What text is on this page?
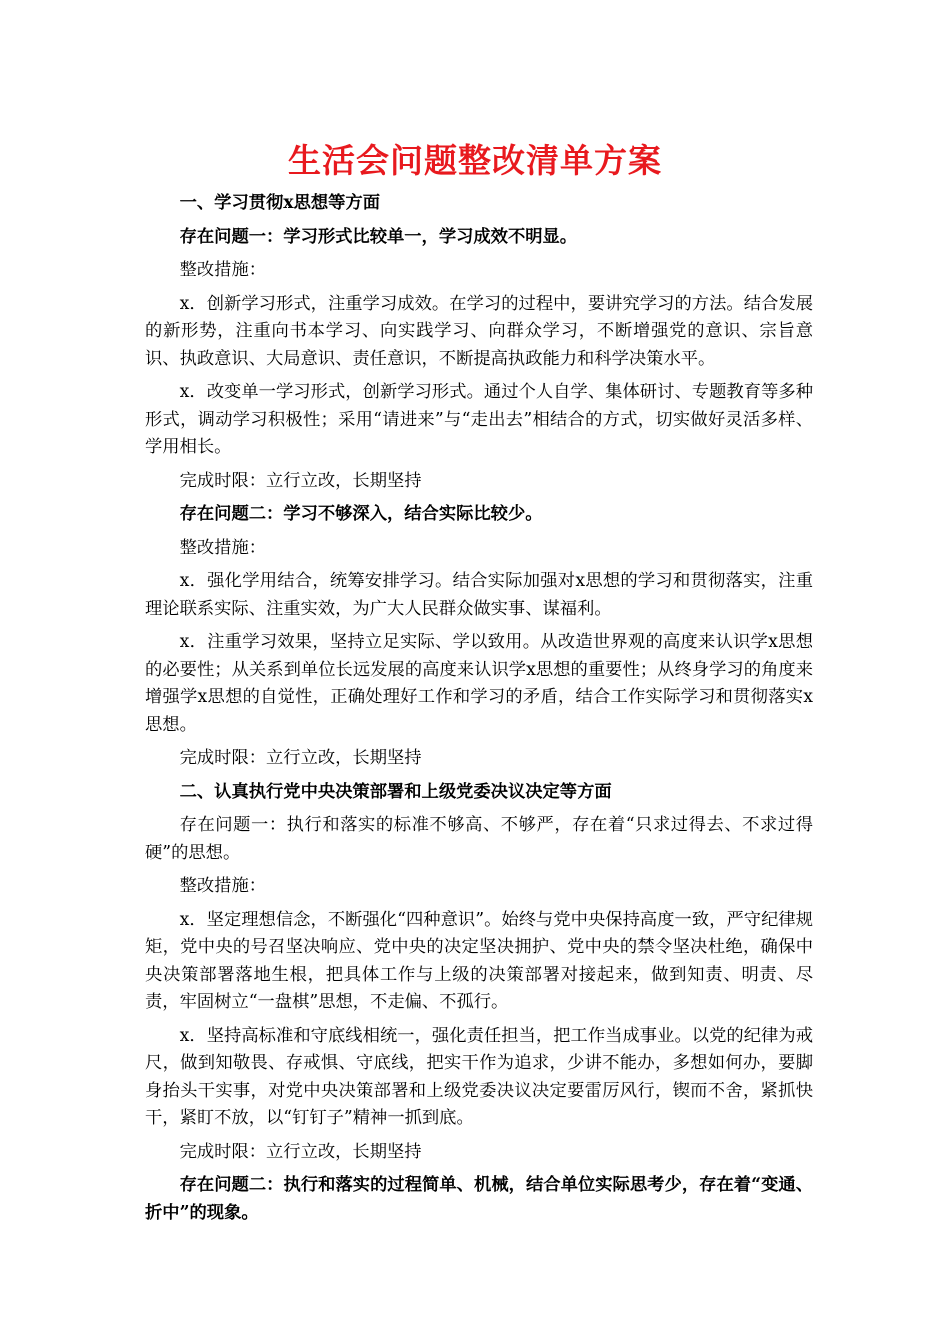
生活会问题整改清单方案

一、学习贯彻x思想等方面

存在问题一：学习形式比较单一，学习成效不明显。

整改措施：

x．创新学习形式，注重学习成效。在学习的过程中，要讲究学习的方法。结合发展的新形势，注重向书本学习、向实践学习、向群众学习，不断增强党的意识、宗旨意识、执政意识、大局意识、责任意识，不断提高执政能力和科学决策水平。

x．改变单一学习形式，创新学习形式。通过个人自学、集体研讨、专题教育等多种形式，调动学习积极性；采用“请进来”与“走出去”相结合的方式，切实做好灵活多样、学用相长。

完成时限：立行立改，长期坚持

存在问题二：学习不够深入，结合实际比较少。

整改措施：

x．强化学用结合，统筹安排学习。结合实际加强对x思想的学习和贯彻落实，注重理论联系实际、注重实效，为广大人民群众做实事、谋福利。

x．注重学习效果，坚持立足实际、学以致用。从改造世界观的高度来认识学x思想的必要性；从关系到单位长远发展的高度来认识学x思想的重要性；从终身学习的角度来增强学x思想的自觉性，正确处理好工作和学习的矛盾，结合工作实际学习和贯彻落实x思想。

完成时限：立行立改，长期坚持

二、认真执行党中央决策部署和上级党委决议决定等方面

存在问题一：执行和落实的标准不够高、不够严，存在着“只求过得去、不求过得硬”的思想。

整改措施：

x．坚定理想信念，不断强化“四种意识”。始终与党中央保持高度一致，严守纪律规矩，党中央的号召坚决响应、党中央的决定坚决拥护、党中央的禁令坚决杜绝，确保中央决策部署落地生根，把具体工作与上级的决策部署对接起来，做到知责、明责、尽责，牢固树立“一盘棋”思想，不走偏、不孤行。

x．坚持高标准和守底线相统一，强化责任担当，把工作当成事业。以党的纪律为戒尺，做到知敬畏、存戒惧、守底线，把实干作为追求，少讲不能办，多想如何办，要脚身抬头干实事，对党中央决策部署和上级党委决议决定要雷厉风行，锲而不舍，紧抓快干，紧盯不放，以“钉钉子”精神一抓到底。

完成时限：立行立改，长期坚持

存在问题二：执行和落实的过程简单、机械，结合单位实际思考少，存在着“变通、折中”的现象。
